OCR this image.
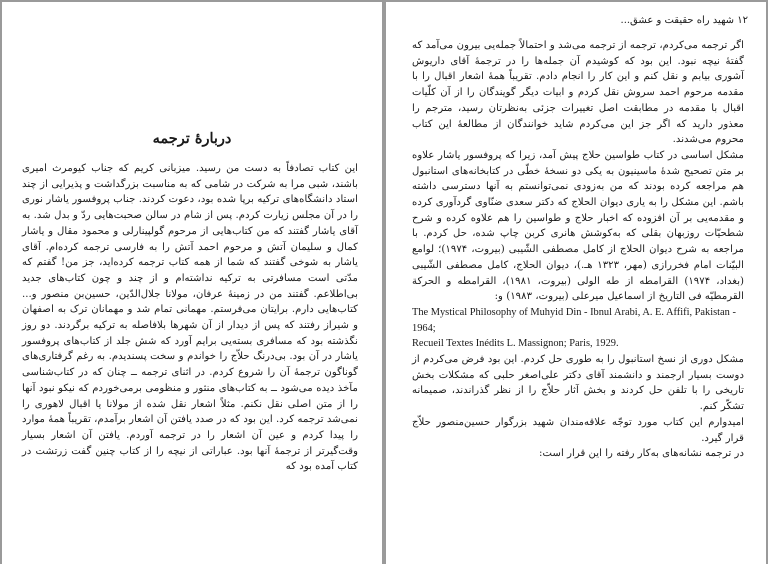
۱۲ شهید راه حقیقت و عشق...

اگر ترجمه می‌کردم، ترجمه از ترجمه می‌شد و احتمالاً جمله‌یی بیرون می‌آمد که گفتهٔ نیچه نبود. این بود که کوشیدم آن جمله‌ها را در ترجمهٔ آقای داریوش آشوری بیابم و نقل کنم و این کار را انجام دادم. تقریباً همهٔ اشعار اقبال را با مقدمه مرحوم احمد سروش نقل کردم و ابیات دیگر گویندگان را از آن کلّیات اقبال با مقدمه در مطابقت اصل تغییرات جزئی به‌نظرتان رسید، مترجم را معذور دارید که اگر جز این می‌کردم شاید خوانندگان از مطالعهٔ این کتاب محروم می‌شدند.

مشکل اساسی در کتاب طواسین حلاج پیش آمد، زیرا که پروفسور یاشار علاوه بر متن تصحیح شدهٔ ماسینیون به یکی دو نسخهٔ خطّی در کتابخانه‌های استانبول هم مراجعه کرده بودند که من به‌زودی نمی‌توانستم به آنها دسترسی داشته باشم. این مشکل را به یاری دیوان الحلاج که دکتر سعدی ضنّاوی گردآوری کرده و مقدمه‌یی بر آن افزوده که اخبار حلاج و طواسین را هم علاوه کرده و شرح شطحیّات روزبهان بقلی که به‌کوشش هانری کربن چاپ شده، حل کردم. با مراجعه به شرح دیوان الحلاج از کامل مصطفی الشّیبی (بیروت، ۱۹۷۴)؛ لوامع البیّنات امام فخررازی (مهر، ۱۳۲۳ هـ.)، دیوان الحلاج، کامل مصطفی الشّیبی (بغداد، ۱۹۷۴) القرامطه از طه الولی (بیروت، ۱۹۸۱)، القرامطه و الحرکة القرمطیّه فی التاریخ از اسماعیل میرعلی (بیروت، ۱۹۸۳) و:

The Mystical Philosophy of Muhyid Din - Ibnul Arabi, A. E. Affifi, Pakistan - 1964;

Recueil Textes Inédits L. Massignon; Paris, 1929.

مشکل دوری از نسخ استانبول را به طوری حل کردم. این بود فرض می‌کردم از دوست بسیار ارجمند و دانشمند آقای دکتر علی‌اصغر حلبی که مشکلات بخش تاریخی را با تلفن حل کردند و بخش آثار حلاّج را از نظر گذراندند، صمیمانه تشکّر کنم.

امیدوارم این کتاب مورد توجّه علاقه‌مندان شهید بزرگوار حسین‌منصور حلاّج قرار گیرد.

در ترجمه نشانه‌های به‌کار رفته را این قرار است:

دربارهٔ ترجمه

این کتاب تصادفاً به دست من رسید. میزبانی کریم که جناب کیومرث امیری باشند، شبی مرا به شرکت در شامی که به مناسبت بزرگداشت و پذیرایی از چند استاد دانشگاه‌های ترکیه برپا شده بود، دعوت کردند. جناب پروفسور یاشار نوری را در آن مجلس زیارت کردم. پس از شام در سالن صحبت‌هایی ردّ و بدل شد. به آقای یاشار گفتند که من کتاب‌هایی از مرحوم گولپینارلی و محمود مقال و یاشار کمال و سلیمان آتش و مرحوم احمد آتش را به فارسی ترجمه کرده‌ام. آقای یاشار به شوخی گفتند که شما از همه کتاب ترجمه کرده‌اید، جز من! گفتم که مدّتی است مسافرتی به ترکیه نداشته‌ام و از چند و چون کتاب‌های جدید بی‌اطلاعم. گفتند من در زمینهٔ عرفان، مولانا جلال‌الدّین، حسین‌بن منصور و... کتاب‌هایی دارم. برایتان می‌فرستم. مهمانی تمام شد و مهمانان ترک به اصفهان و شیراز رفتند که پس از دیدار از آن شهرها بلافاصله به ترکیه برگردند. دو روز نگذشته بود که مسافری بسته‌یی برایم آورد که شش جلد از کتاب‌های پروفسور یاشار در آن بود. بی‌درنگ حلاّج را خواندم و سخت پسندیدم. به رغم گرفتاری‌های گوناگون ترجمهٔ آن را شروع کردم. در اثنای ترجمه ــ چنان که در کتاب‌شناسی مآخذ دیده می‌شود ــ به کتاب‌های منثور و منظومی برمی‌خوردم که نیکو نبود آنها را از متن اصلی نقل نکنم. مثلاً اشعار نقل شده از مولانا یا اقبال لاهوری را نمی‌شد ترجمه کرد. این بود که در صدد یافتن آن اشعار برآمدم، تقریباً همهٔ موارد را پیدا کردم و عین آن اشعار را در ترجمه آوردم. یافتن آن اشعار بسیار وقت‌گیرتر از ترجمهٔ آنها بود. عباراتی از نیچه را از کتاب چنین گفت زرتشت در کتاب آمده بود که
